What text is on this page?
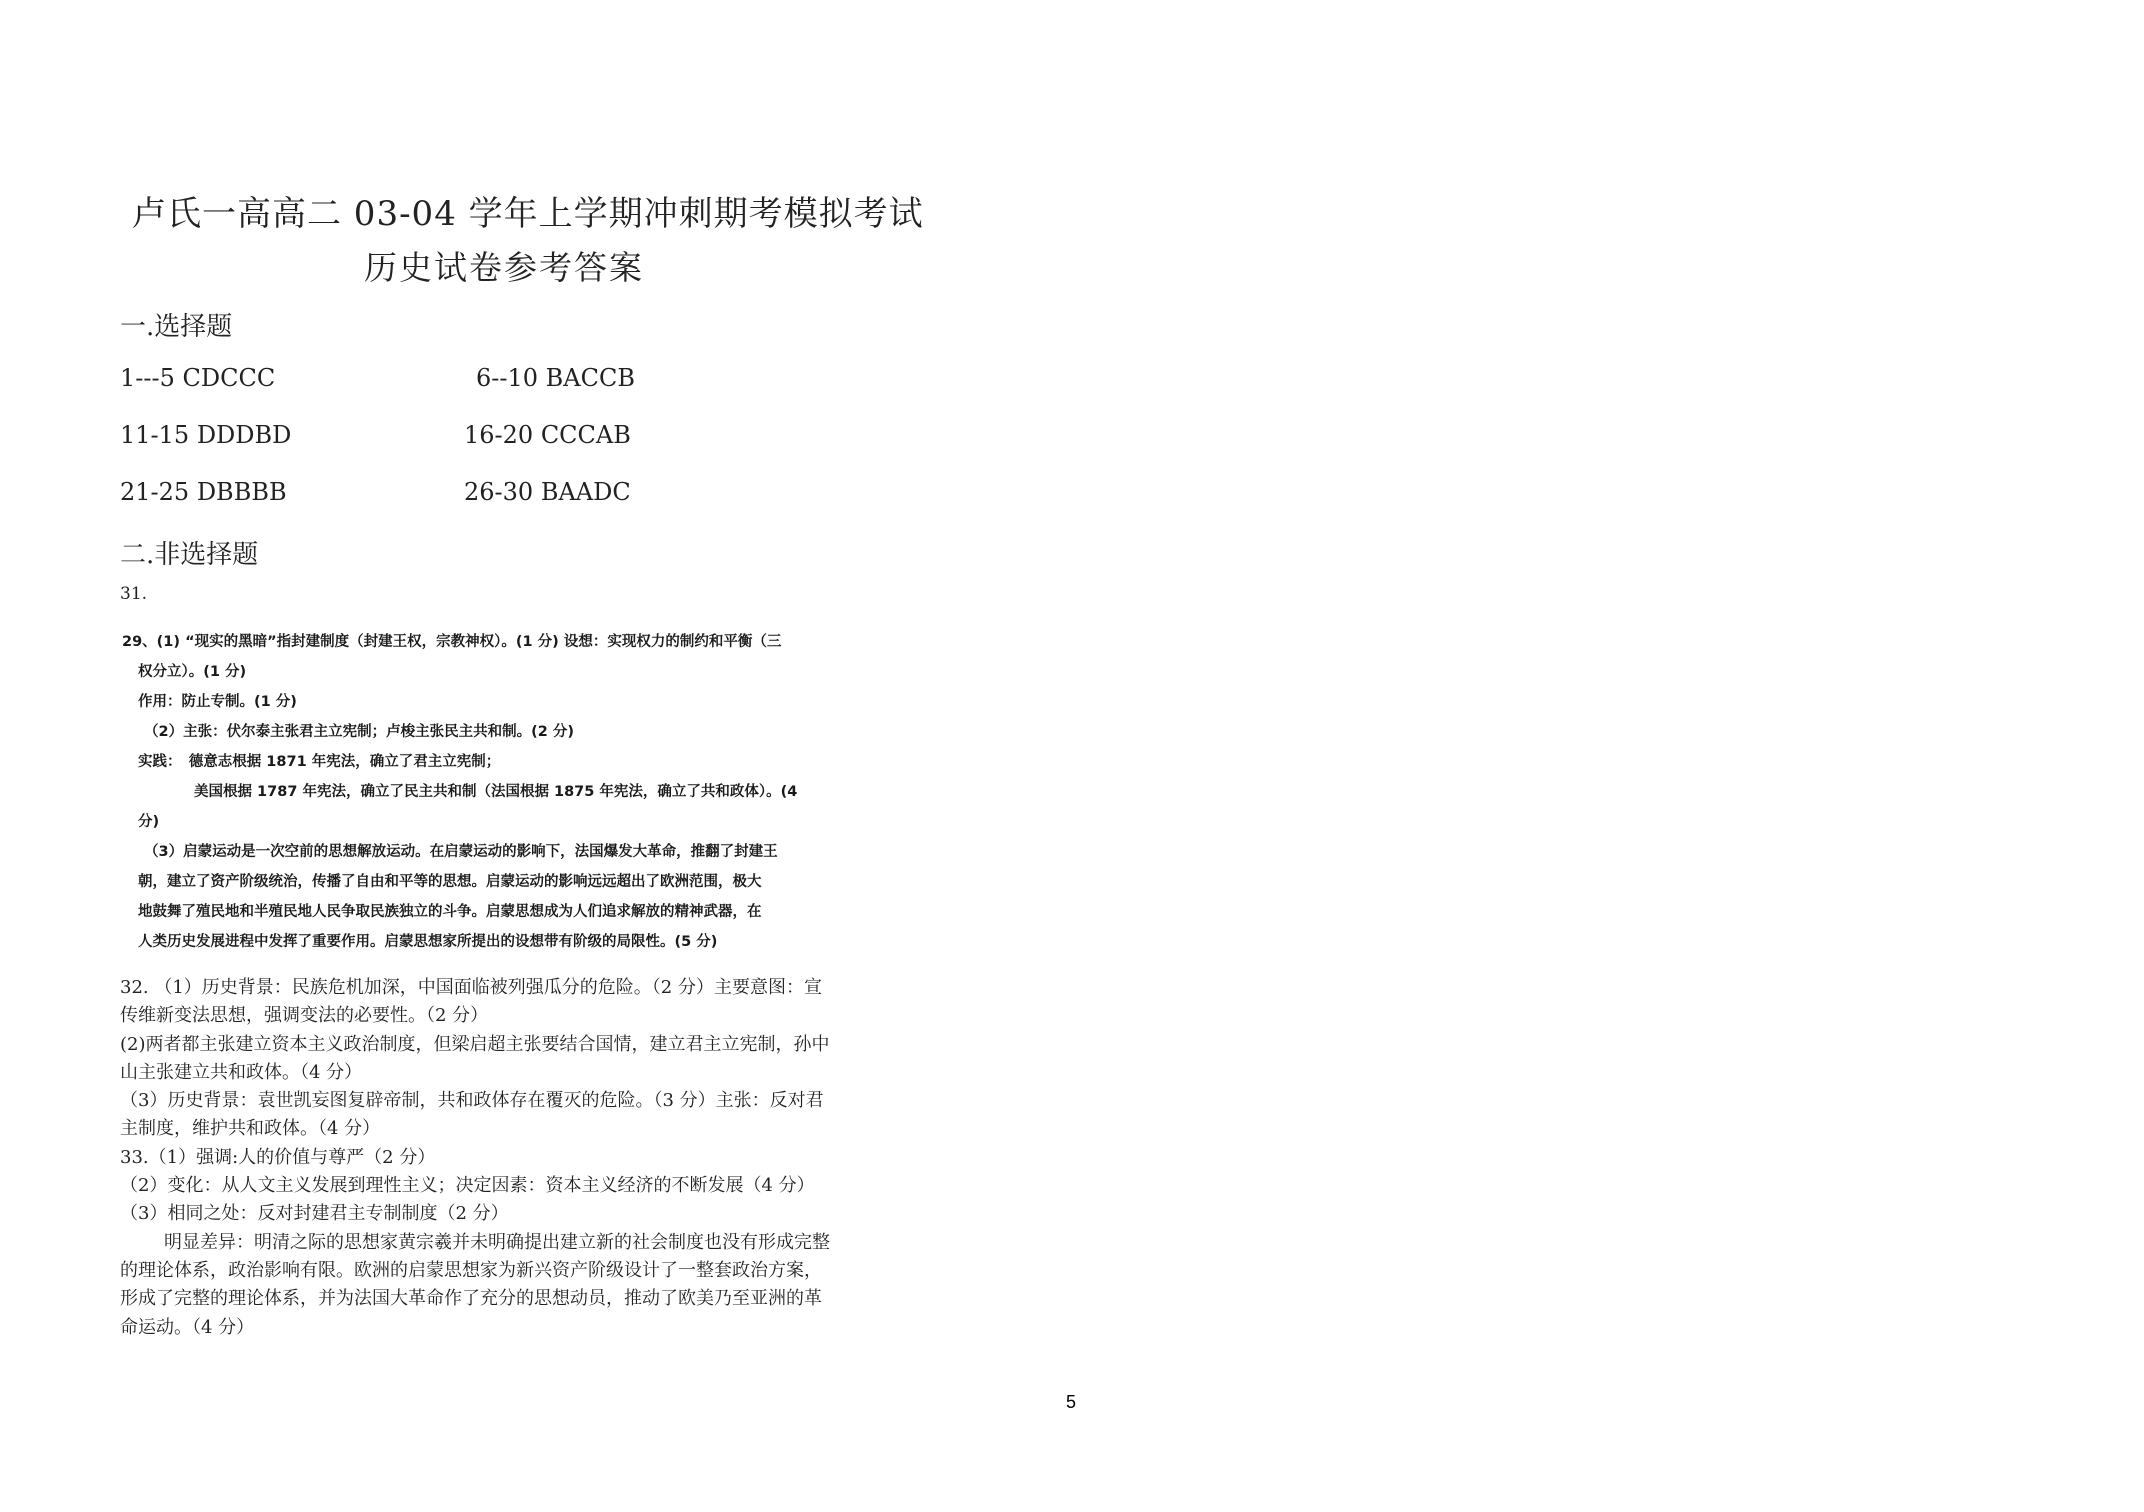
卢氏一高高二 03-04 学年上学期冲刺期考模拟考试
历史试卷参考答案
一.选择题
1---5 CDCCC	6--10 BACCB
11-15 DDDBD	16-20 CCCAB
21-25 DBBBB	26-30 BAADC
二.非选择题
31.
29、(1) “现实的黑暗”指封建制度（封建王权，宗教神权）。(1 分) 设想：实现权力的制约和平衡（三
权分立）。(1 分)
作用：防止专制。(1 分)
（2）主张：伏尔泰主张君主立宪制；卢梭主张民主共和制。(2 分)
实践：　德意志根据 1871 年宪法，确立了君主立宪制；
美国根据 1787 年宪法，确立了民主共和制（法国根据 1875 年宪法，确立了共和政体）。(4
分)
（3）启蒙运动是一次空前的思想解放运动。在启蒙运动的影响下，法国爆发大革命，推翻了封建王
朝，建立了资产阶级统治，传播了自由和平等的思想。启蒙运动的影响远远超出了欧洲范围，极大
地鼓舞了殖民地和半殖民地人民争取民族独立的斗争。启蒙思想成为人们追求解放的精神武器，在
人类历史发展进程中发挥了重要作用。启蒙思想家所提出的设想带有阶级的局限性。(5 分)
32. （1）历史背景：民族危机加深，中国面临被列强瓜分的危险。（2 分）主要意图：宣
传维新变法思想，强调变法的必要性。（2 分）
(2)两者都主张建立资本主义政治制度，但梁启超主张要结合国情，建立君主立宪制，孙中
山主张建立共和政体。（4 分）
（3）历史背景：袁世凯妄图复辟帝制，共和政体存在覆灭的危险。（3 分）主张：反对君
主制度，维护共和政体。（4 分）
33.（1）强调:人的价值与尊严（2 分）
（2）变化：从人文主义发展到理性主义；决定因素：资本主义经济的不断发展（4 分）
（3）相同之处：反对封建君主专制制度（2 分）
明显差异：明清之际的思想家黄宗羲并未明确提出建立新的社会制度也没有形成完整
的理论体系，政治影响有限。欧洲的启蒙思想家为新兴资产阶级设计了一整套政治方案，
形成了完整的理论体系，并为法国大革命作了充分的思想动员，推动了欧美乃至亚洲的革
命运动。（4 分）
5
